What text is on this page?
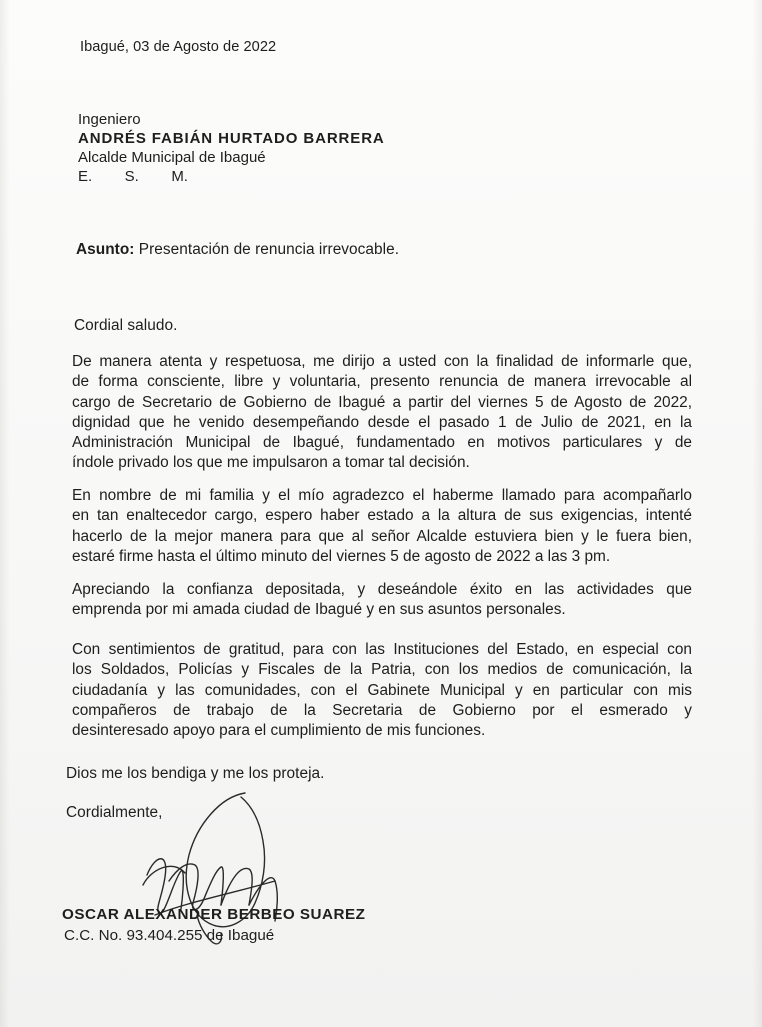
Ibagué, 03 de Agosto de 2022
Ingeniero
ANDRÉS FABIÁN HURTADO BARRERA
Alcalde Municipal de Ibagué
E. S. M.
Asunto: Presentación de renuncia irrevocable.
Cordial saludo.
De manera atenta y respetuosa, me dirijo a usted con la finalidad de informarle que,
de forma consciente, libre y voluntaria, presento renuncia de manera irrevocable al
cargo de Secretario de Gobierno de Ibagué a partir del viernes 5 de Agosto de 2022,
dignidad que he venido desempeñando desde el pasado 1 de Julio de 2021, en la
Administración Municipal de Ibagué, fundamentado en motivos particulares y de
índole privado los que me impulsaron a tomar tal decisión.
En nombre de mi familia y el mío agradezco el haberme llamado para acompañarlo
en tan enaltecedor cargo, espero haber estado a la altura de sus exigencias, intenté
hacerlo de la mejor manera para que al señor Alcalde estuviera bien y le fuera bien,
estaré firme hasta el último minuto del viernes 5 de agosto de 2022 a las 3 pm.
Apreciando la confianza depositada, y deseándole éxito en las actividades que
emprenda por mi amada ciudad de Ibagué y en sus asuntos personales.
Con sentimientos de gratitud, para con las Instituciones del Estado, en especial con
los Soldados, Policías y Fiscales de la Patria, con los medios de comunicación, la
ciudadanía y las comunidades, con el Gabinete Municipal y en particular con mis
compañeros de trabajo de la Secretaria de Gobierno por el esmerado y
desinteresado apoyo para el cumplimiento de mis funciones.
Dios me los bendiga y me los proteja.
Cordialmente,
OSCAR ALEXANDER BERBEO SUAREZ
C.C. No. 93.404.255 de Ibagué
